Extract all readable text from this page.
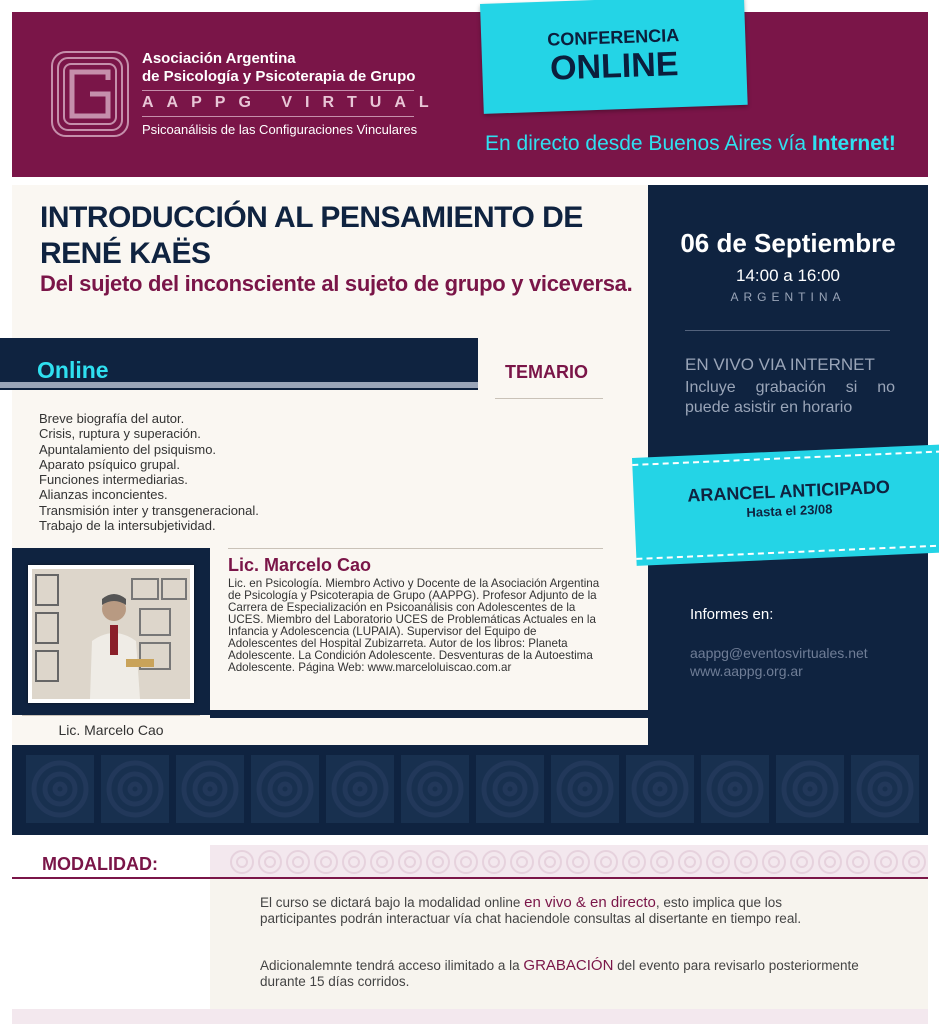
Asociación Argentina
de Psicología y Psicoterapia de Grupo
AAPPG VIRTUAL
Psicoanálisis de las Configuraciones Vinculares
CONFERENCIA
ONLINE
En directo desde Buenos Aires vía Internet!
INTRODUCCIÓN AL PENSAMIENTO DE RENÉ KAËS
Del sujeto del inconsciente al sujeto de grupo y viceversa.
06 de Septiembre
14:00 a 16:00
ARGENTINA
EN VIVO VIA INTERNET
Incluye grabación si no puede asistir en horario
Online	TEMARIO
Breve biografía del autor.
Crisis, ruptura y superación.
Apuntalamiento del psiquismo.
Aparato psíquico grupal.
Funciones intermediarias.
Alianzas inconcientes.
Transmisión inter y transgeneracional.
Trabajo de la intersubjetividad.
ARANCEL ANTICIPADO
Hasta el 23/08
Informes en:
aappg@eventosvirtuales.net
www.aappg.org.ar
Lic. Marcelo Cao
Lic. Marcelo Cao
Lic. en Psicología. Miembro Activo y Docente de la Asociación Argentina de Psicología y Psicoterapia de Grupo (AAPPG). Profesor Adjunto de la Carrera de Especialización en Psicoanálisis con Adolescentes de la UCES. Miembro del Laboratorio UCES de Problemáticas Actuales en la Infancia y Adolescencia (LUPAIA). Supervisor del Equipo de Adolescentes del Hospital Zubizarreta. Autor de los libros: Planeta Adolescente. La Condición Adolescente. Desventuras de la Autoestima Adolescente. Página Web: www.marceloluiscao.com.ar
MODALIDAD:
El curso se dictará bajo la modalidad online en vivo & en directo, esto implica que los participantes podrán interactuar vía chat haciendole consultas al disertante en tiempo real.
Adicionalemnte tendrá acceso ilimitado a la GRABACIÓN del evento para revisarlo posteriormente durante 15 días corridos.
